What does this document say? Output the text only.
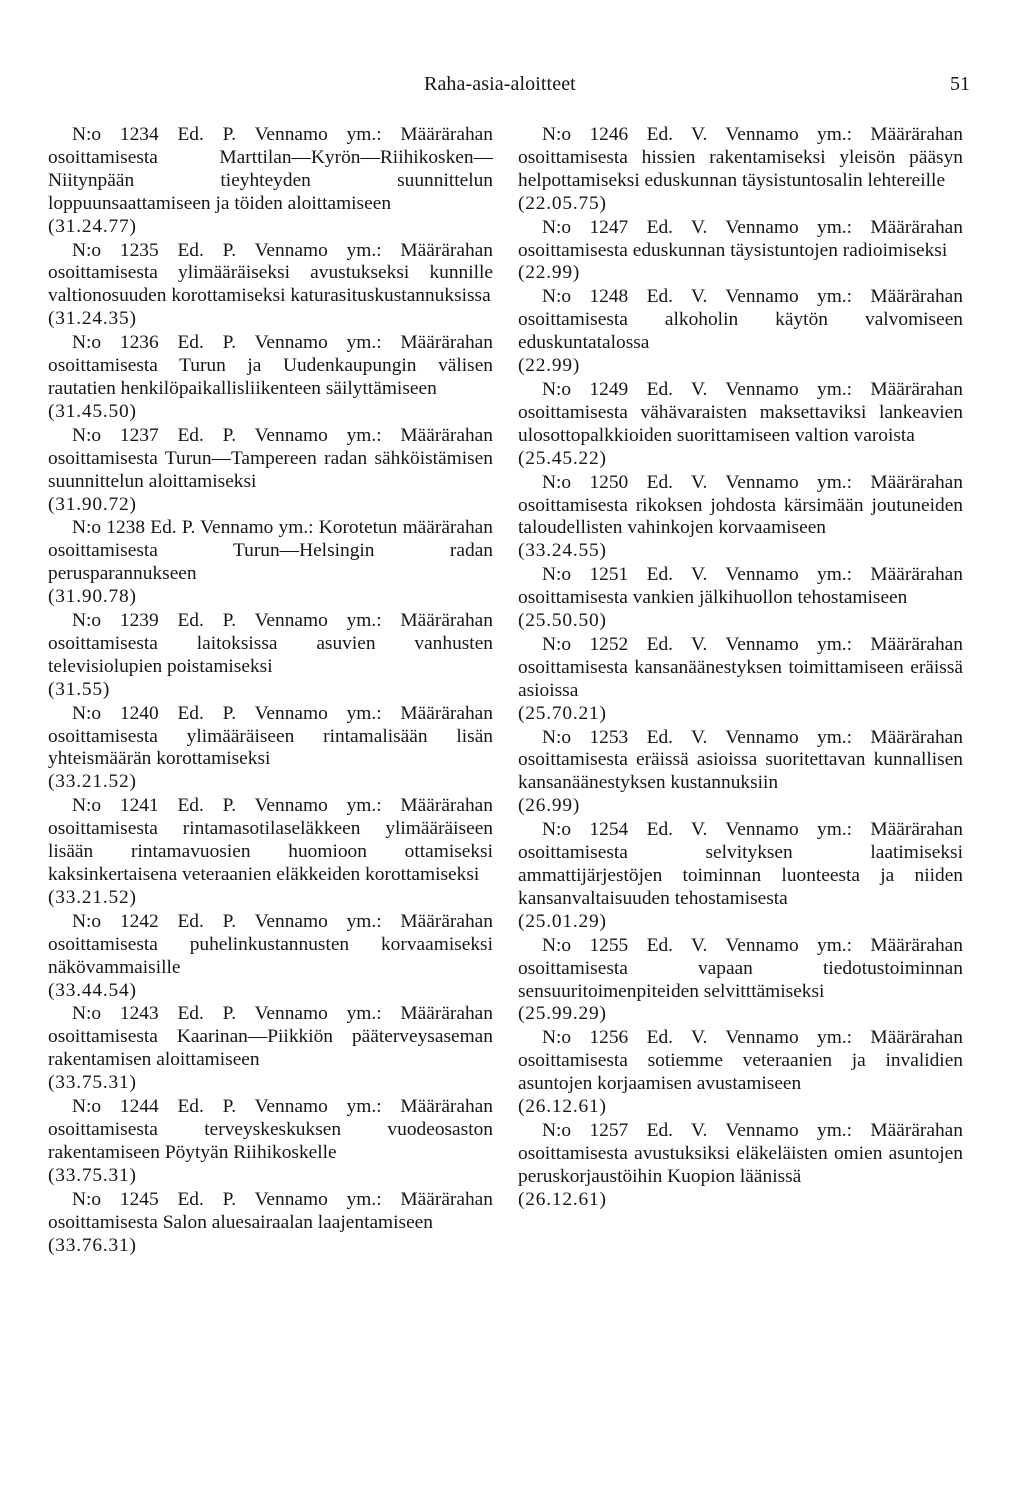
Raha-asia-aloitteet	51

N:o 1234 Ed. P. Vennamo ym.: Määrärahan osoittamisesta Marttilan—Kyrön—Riihikosken—Niitynpään tieyhteyden suunnittelun loppuunsaattamiseen ja töiden aloittamiseen

(31.24.77)

N:o 1235 Ed. P. Vennamo ym.: Määrärahan osoittamisesta ylimääräiseksi avustukseksi kunnille valtionosuuden korottamiseksi katurasituskustannuksissa

(31.24.35)

N:o 1236 Ed. P. Vennamo ym.: Määrärahan osoittamisesta Turun ja Uudenkaupungin välisen rautatien henkilöpaikallisliikenteen säilyttämiseen

(31.45.50)

N:o 1237 Ed. P. Vennamo ym.: Määrärahan osoittamisesta Turun—Tampereen radan sähköistämisen suunnittelun aloittamiseksi

(31.90.72)

N:o 1238 Ed. P. Vennamo ym.: Korotetun määrärahan osoittamisesta Turun—Helsingin radan perusparannukseen

(31.90.78)

N:o 1239 Ed. P. Vennamo ym.: Määrärahan osoittamisesta laitoksissa asuvien vanhusten televisiolupien poistamiseksi

(31.55)

N:o 1240 Ed. P. Vennamo ym.: Määrärahan osoittamisesta ylimääräiseen rintamalisään lisän yhteismäärän korottamiseksi

(33.21.52)

N:o 1241 Ed. P. Vennamo ym.: Määrärahan osoittamisesta rintamasotilaseläkkeen ylimääräiseen lisään rintamavuosien huomioon ottamiseksi kaksinkertaisena veteraanien eläkkeiden korottamiseksi

(33.21.52)

N:o 1242 Ed. P. Vennamo ym.: Määrärahan osoittamisesta puhelinkustannusten korvaamiseksi näkövammaisille

(33.44.54)

N:o 1243 Ed. P. Vennamo ym.: Määrärahan osoittamisesta Kaarinan—Piikkiön pääterveysaseman rakentamisen aloittamiseen

(33.75.31)

N:o 1244 Ed. P. Vennamo ym.: Määrärahan osoittamisesta terveyskeskuksen vuodeosaston rakentamiseen Pöytyän Riihikoskelle

(33.75.31)

N:o 1245 Ed. P. Vennamo ym.: Määrärahan osoittamisesta Salon aluesairaalan laajentamiseen

(33.76.31)

N:o 1246 Ed. V. Vennamo ym.: Määrärahan osoittamisesta hissien rakentamiseksi yleisön pääsyn helpottamiseksi eduskunnan täysistuntosalin lehtereille

(22.05.75)

N:o 1247 Ed. V. Vennamo ym.: Määrärahan osoittamisesta eduskunnan täysistuntojen radioimiseksi

(22.99)

N:o 1248 Ed. V. Vennamo ym.: Määrärahan osoittamisesta alkoholin käytön valvomiseen eduskuntatalossa

(22.99)

N:o 1249 Ed. V. Vennamo ym.: Määrärahan osoittamisesta vähävaraisten maksettaviksi lankeavien ulosottopalkkioiden suorittamiseen valtion varoista

(25.45.22)

N:o 1250 Ed. V. Vennamo ym.: Määrärahan osoittamisesta rikoksen johdosta kärsimään joutuneiden taloudellisten vahinkojen korvaamiseen

(33.24.55)

N:o 1251 Ed. V. Vennamo ym.: Määrärahan osoittamisesta vankien jälkihuollon tehostamiseen

(25.50.50)

N:o 1252 Ed. V. Vennamo ym.: Määrärahan osoittamisesta kansanäänestyksen toimittamiseen eräissä asioissa

(25.70.21)

N:o 1253 Ed. V. Vennamo ym.: Määrärahan osoittamisesta eräissä asioissa suoritettavan kunnallisen kansanäänestyksen kustannuksiin

(26.99)

N:o 1254 Ed. V. Vennamo ym.: Määrärahan osoittamisesta selvityksen laatimiseksi ammattijärjestöjen toiminnan luonteesta ja niiden kansanvaltaisuuden tehostamisesta

(25.01.29)

N:o 1255 Ed. V. Vennamo ym.: Määrärahan osoittamisesta vapaan tiedotustoiminnan sensuuritoimenpiteiden selvitttämiseksi

(25.99.29)

N:o 1256 Ed. V. Vennamo ym.: Määrärahan osoittamisesta sotiemme veteraanien ja invalidien asuntojen korjaamisen avustamiseen

(26.12.61)

N:o 1257 Ed. V. Vennamo ym.: Määrärahan osoittamisesta avustuksiksi eläkeläisten omien asuntojen peruskorjaustöihin Kuopion läänissä

(26.12.61)
